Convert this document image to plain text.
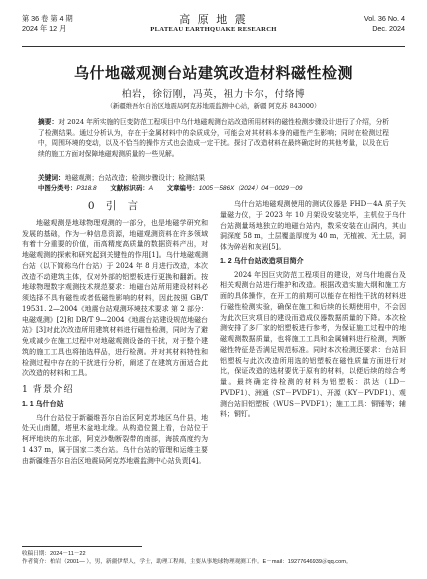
第 36 卷 第 4 期
2024 年 12 月
高 原 地 震
PLATEAU EARTHQUAKE RESEARCH
Vol. 36 No. 4
Dec. 2024
乌什地磁观测台站建筑改造材料磁性检测
柏岩，徐衍刚，冯英，祖力卡尔，付络博
（新疆维吾尔自治区地震局阿克苏地震监测中心站，新疆 阿克苏 843000）
摘要：对 2024 年所实施的巨变防范工程项目中乌什地磁观测台站改造所用材料的磁性检测步骤设计进行了介绍，分析了检测结果。通过分析认为，存在于金属材料中的杂质成分，可能会对其材料本身的磁性产生影响；同时在检测过程中，周围环境的变动，以及不恰当的操作方式也会造成一定干扰。探讨了改造材料在最终确定时的其他考量，以及在后续的施工方面对保障地磁观测质量的一些见解。
关键词：地磁观测；台站改造；检测步骤设计；检测结果
中图分类号：P318.8 文献标识码：A 文章编号：1005－586X（2024）04－0029－09
0 引 言

地磁观测是地球物理观测的一部分，也是地磁学研究和发展的基础，作为一种信息资源，地磁观测资料在许多领域有着十分重要的价值，而高精度高质量的数据资料产出，对地磁观测的探索和研究起到关键性的作用[1]。乌什地磁观测台站（以下简称乌什台站）于 2024 年 8 月进行改造，本次改造不动建筑主体，仅对外部的铝塑板进行更换和翻新。按地球物理数字观测技术规范要求：地磁台站所用建设材料必须选择不具有磁性或者低磁性影响的材料，因此按照 GB/T 19531. 2—2004《地震台站观测环境技术要求 第 2 部分：电磁观测》[2]和 DB/T 9—2004《地震台站建设规范地磁台站》[3]对此次改造所用建筑材料进行磁性检测，同时为了避免或减少在施工过程中对地磁观测设备的干扰，对于整个建筑的施工工具也将抽选样品，进行检测。并对其材料特性和检测过程中存在的干扰进行分析，阐述了在建筑方面适合此次改造的材料和工具。

1 背景介绍
1. 1 乌什台站

乌什台站位于新疆维吾尔自治区阿克苏地区乌什县，地处天山南麓，塔里木盆地北缘。从构造位置上看，台站位于柯坪地块的东北部，阿克沙勒断裂带的南部，海拔高度约为 1 437 m，属于国家二类台站。乌什台站的管理和运维主要由新疆维吾尔自治区地震局阿克苏地震监测中心站负责[4]。

乌什台站地磁观测使用的测试仪器是 FHD－4A 质子矢量磁力仪，于 2023 年 10 月架设安装完毕，主机位于乌什台站测量场地独立的地磁台站内，数采安装在山洞内，其山洞深度 58 m，土层覆盖厚度为 40 m，无植被、无土层，洞体为碎岩和灰岩[5]。

1. 2 乌什台站改造项目简介

2024 年因巨灾防范工程项目的建设，对乌什地震台及相关观测台站进行维护和改造。根据改造实施大纲和施工方面的具体操作，在开工的前期可以能存在相性干扰的材料进行磁性检测实验，确保在施工和后续的长期使用中，不会因为此次巨灾项目的建设而造成仪器数据质量的下降。本次检测安排了多厂家的铝塑板进行参考，为保证施工过程中的地磁观测数据质量，也将施工工具和金属辅料进行检测，判断磁性特征是否满足规范标准。同时本次检测还要求：台站旧铝塑板与此次改造所用选的铝塑板在磁性质量方面进行对比，保证改造的选材要优于原有的材料，以便后续的综合考量。最终确定待检测的材料为铝塑板：洪达（LD－PVDF1）、洲通（ST－PVDF1）、开源（KY－PVDF1）、观测台站旧铝塑板（WUS－PVDF1）；施工工具：铜锤等；辅料；铜钉。

收稿日期：2024－11－22
作者简介：柏岩（2001— ），男，新疆伊犁人，学士，助理工程师，主要从事地球物理观测工作。E－mail：19277646939＠qq.com。
